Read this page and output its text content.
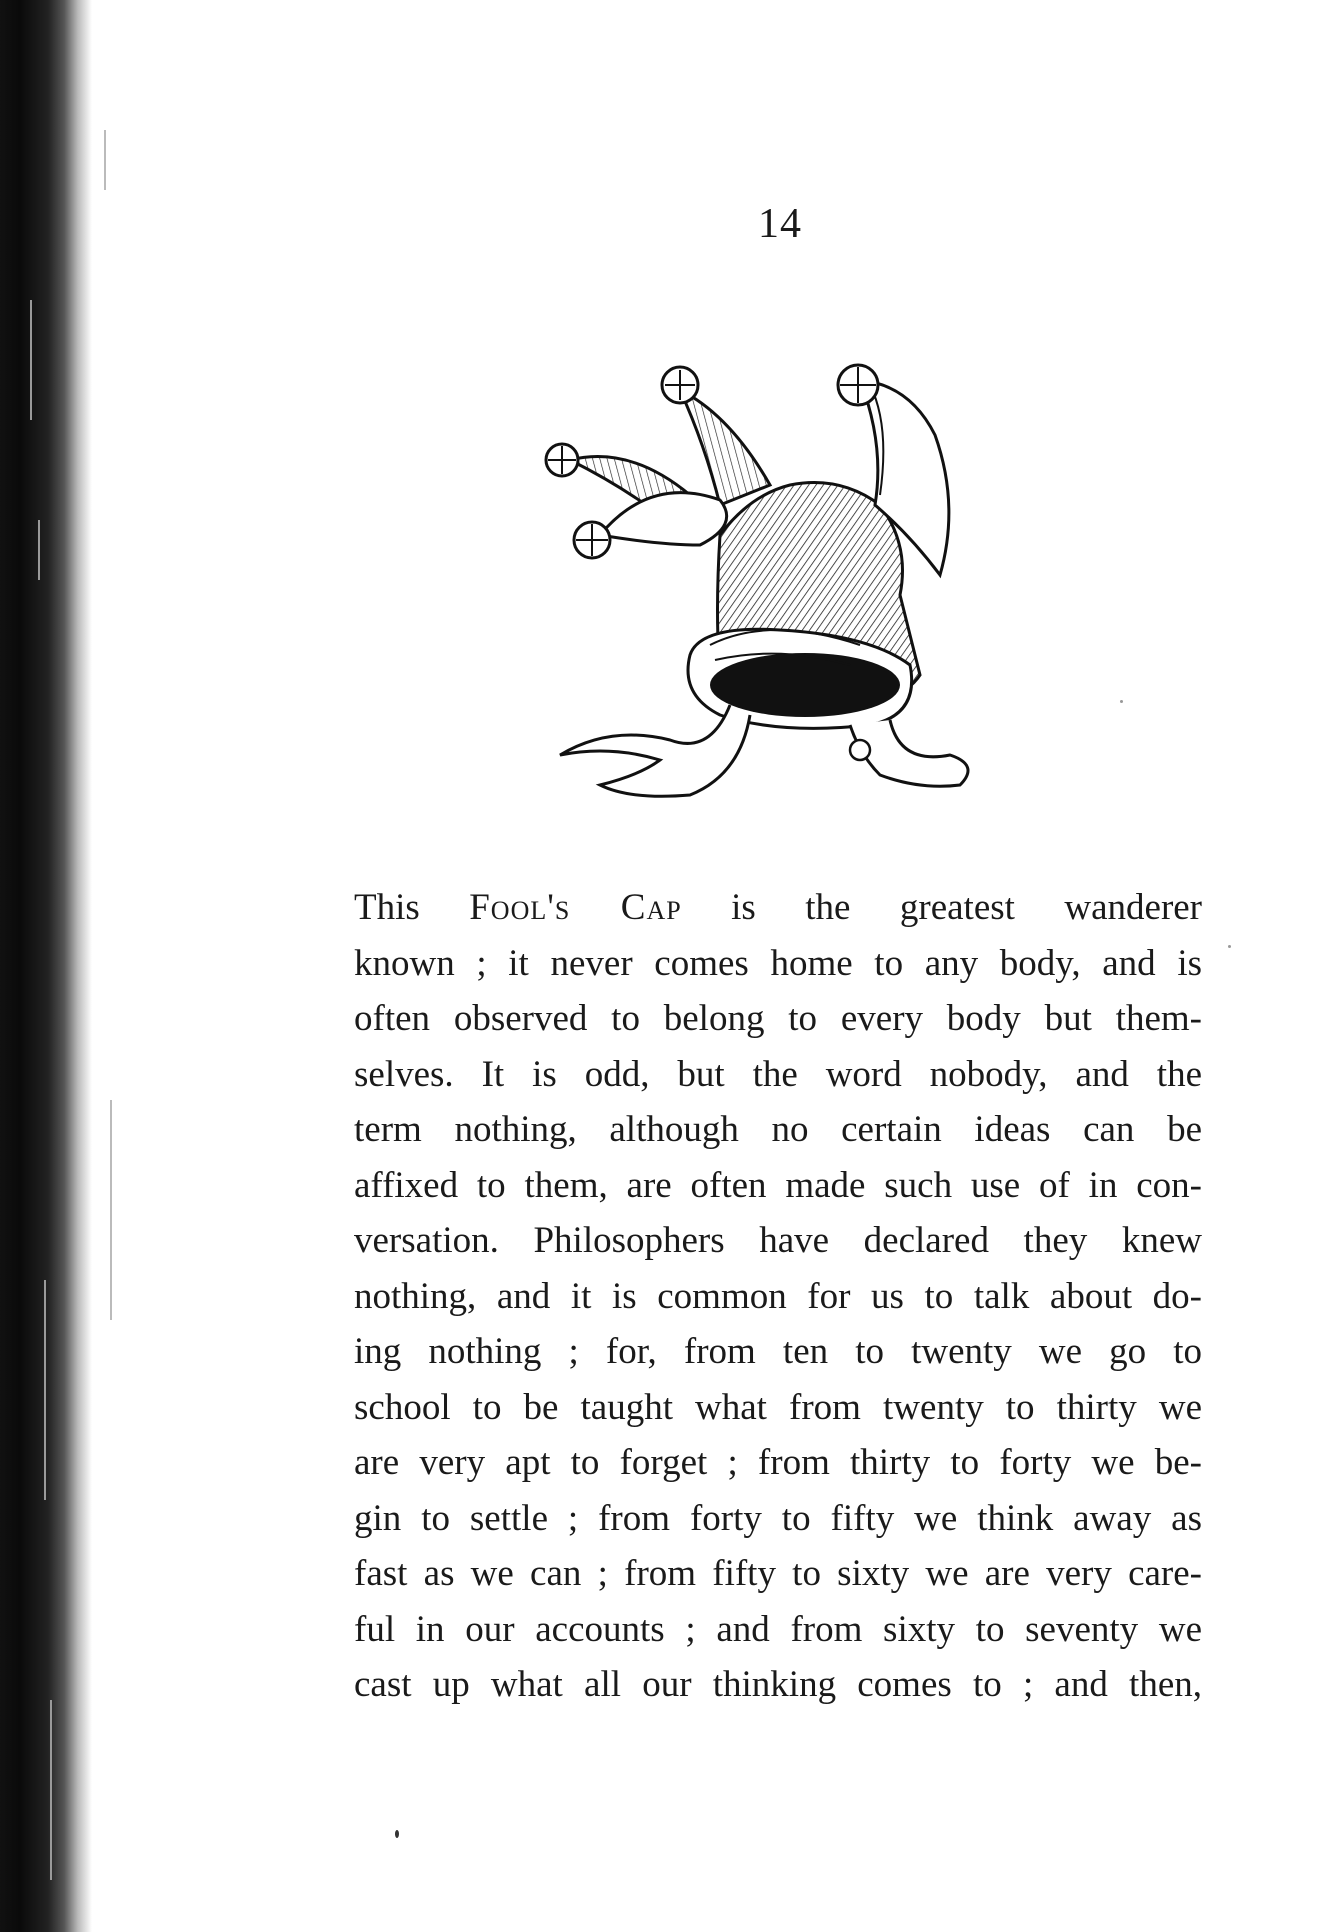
14
This Fool's Cap is the greatest wanderer
known ; it never comes home to any body, and is
often observed to belong to every body but them-
selves. It is odd, but the word nobody, and the
term nothing, although no certain ideas can be
affixed to them, are often made such use of in con-
versation. Philosophers have declared they knew
nothing, and it is common for us to talk about do-
ing nothing ; for, from ten to twenty we go to
school to be taught what from twenty to thirty we
are very apt to forget ; from thirty to forty we be-
gin to settle ; from forty to fifty we think away as
fast as we can ; from fifty to sixty we are very care-
ful in our accounts ; and from sixty to seventy we
cast up what all our thinking comes to ; and then,
